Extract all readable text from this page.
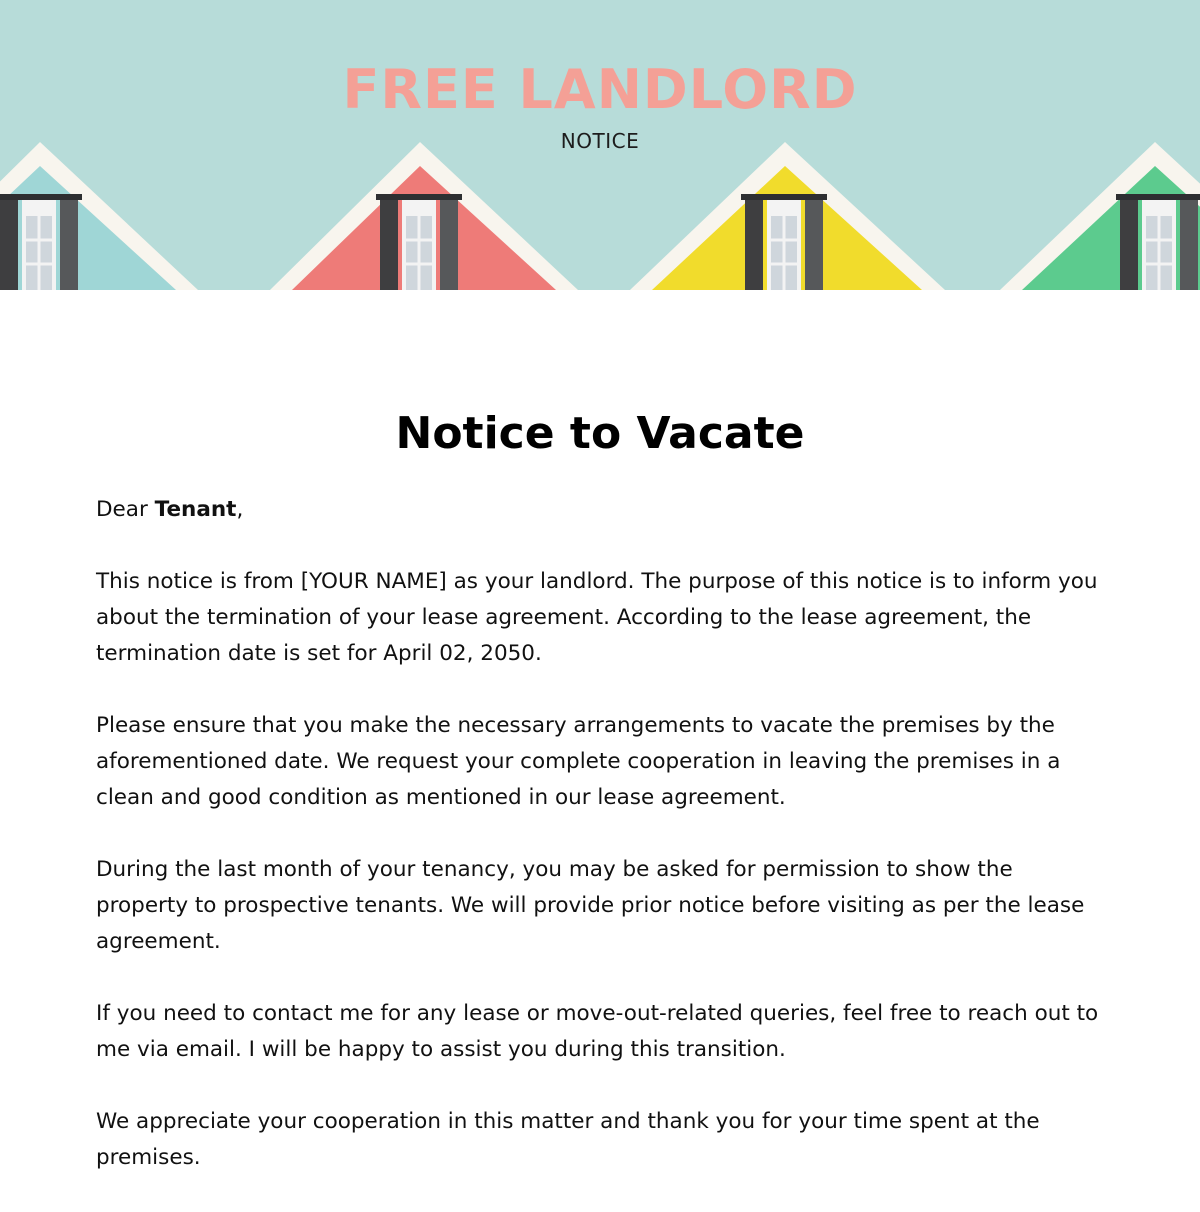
FREE LANDLORD
NOTICE
Notice to Vacate

Dear Tenant,

This notice is from [YOUR NAME] as your landlord. The purpose of this notice is to inform you about the termination of your lease agreement. According to the lease agreement, the termination date is set for April 02, 2050.

Please ensure that you make the necessary arrangements to vacate the premises by the aforementioned date. We request your complete cooperation in leaving the premises in a clean and good condition as mentioned in our lease agreement.

During the last month of your tenancy, you may be asked for permission to show the property to prospective tenants. We will provide prior notice before visiting as per the lease agreement.

If you need to contact me for any lease or move-out-related queries, feel free to reach out to me via email. I will be happy to assist you during this transition.

We appreciate your cooperation in this matter and thank you for your time spent at the premises.
